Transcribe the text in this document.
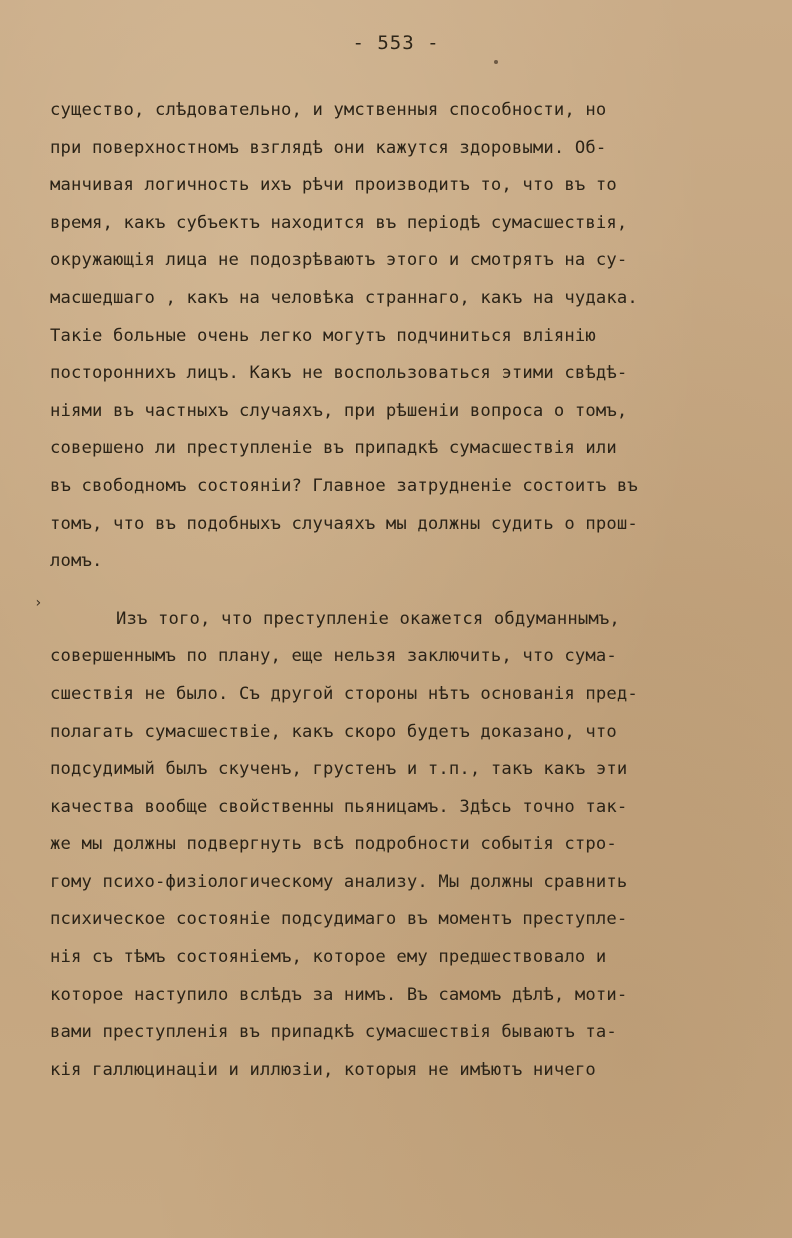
- 553 -
›
существо, слѣдовательно, и умственныя способности, но
при поверхностномъ взглядѣ они кажутся здоровыми. Об-
манчивая логичность ихъ рѣчи производитъ то, что въ то
время, какъ субъектъ находится въ періодѣ сумасшествія,
окружающія лица не подозрѣваютъ этого и смотрятъ на су-
масшедшаго , какъ на человѣка страннаго, какъ на чудака.
Такіе больные очень легко могутъ подчиниться вліянію
постороннихъ лицъ. Какъ не воспользоваться этими свѣдѣ-
ніями въ частныхъ случаяхъ, при рѣшеніи вопроса о томъ,
совершено ли преступленіе въ припадкѣ сумасшествія или
въ свободномъ состояніи? Главное затрудненіе состоитъ въ
томъ, что въ подобныхъ случаяхъ мы должны судить о прош-
ломъ.
Изъ того, что преступленіе окажется обдуманнымъ,
совершеннымъ по плану, еще нельзя заключить, что сума-
сшествія не было. Съ другой стороны нѣтъ основанія пред-
полагать сумасшествіе, какъ скоро будетъ доказано, что
подсудимый былъ скученъ, грустенъ и т.п., такъ какъ эти
качества вообще свойственны пьяницамъ. Здѣсь точно так-
же мы должны подвергнуть всѣ подробности событія стро-
гому психо-физіологическому анализу. Мы должны сравнить
психическое состояніе подсудимаго въ моментъ преступле-
нія съ тѣмъ состояніемъ, которое ему предшествовало и
которое наступило вслѣдъ за нимъ. Въ самомъ дѣлѣ, моти-
вами преступленія въ припадкѣ сумасшествія бываютъ та-
кія галлюцинаціи и иллюзіи, которыя не имѣютъ ничего
